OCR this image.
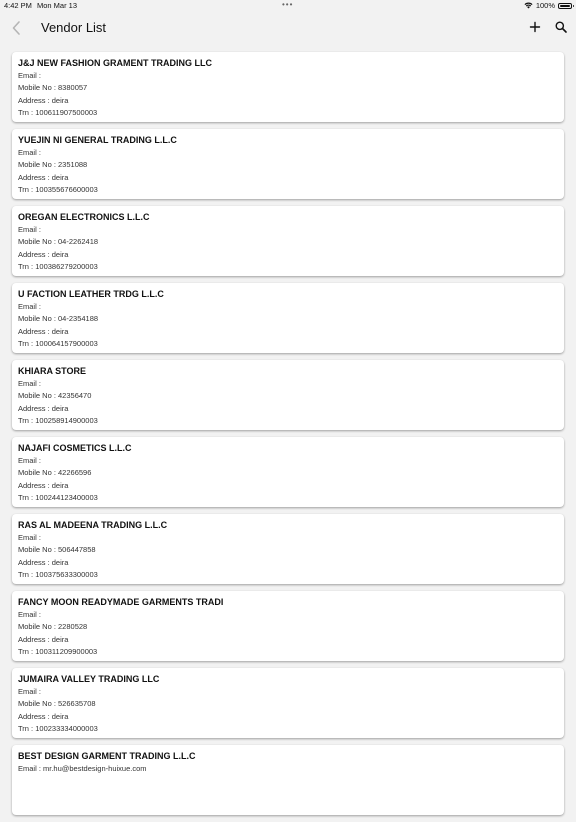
4:42 PM Mon Mar 13	•••	100%
Vendor List
J&J NEW FASHION GRAMENT TRADING LLC
Email :
Mobile No : 8380057
Address : deira
Trn : 100611907500003
YUEJIN NI GENERAL TRADING L.L.C
Email :
Mobile No : 2351088
Address : deira
Trn : 100355676600003
OREGAN ELECTRONICS L.L.C
Email :
Mobile No : 04-2262418
Address : deira
Trn : 100386279200003
U FACTION LEATHER TRDG L.L.C
Email :
Mobile No : 04-2354188
Address : deira
Trn : 100064157900003
KHIARA STORE
Email :
Mobile No : 42356470
Address : deira
Trn : 100258914900003
NAJAFI COSMETICS L.L.C
Email :
Mobile No : 42266596
Address : deira
Trn : 100244123400003
RAS AL MADEENA TRADING L.L.C
Email :
Mobile No : 506447858
Address : deira
Trn : 100375633300003
FANCY MOON READYMADE GARMENTS TRADI
Email :
Mobile No : 2280528
Address : deira
Trn : 100311209900003
JUMAIRA VALLEY TRADING LLC
Email :
Mobile No : 526635708
Address : deira
Trn : 100233334000003
BEST DESIGN GARMENT TRADING L.L.C
Email : mr.hu@bestdesign-huixue.com
